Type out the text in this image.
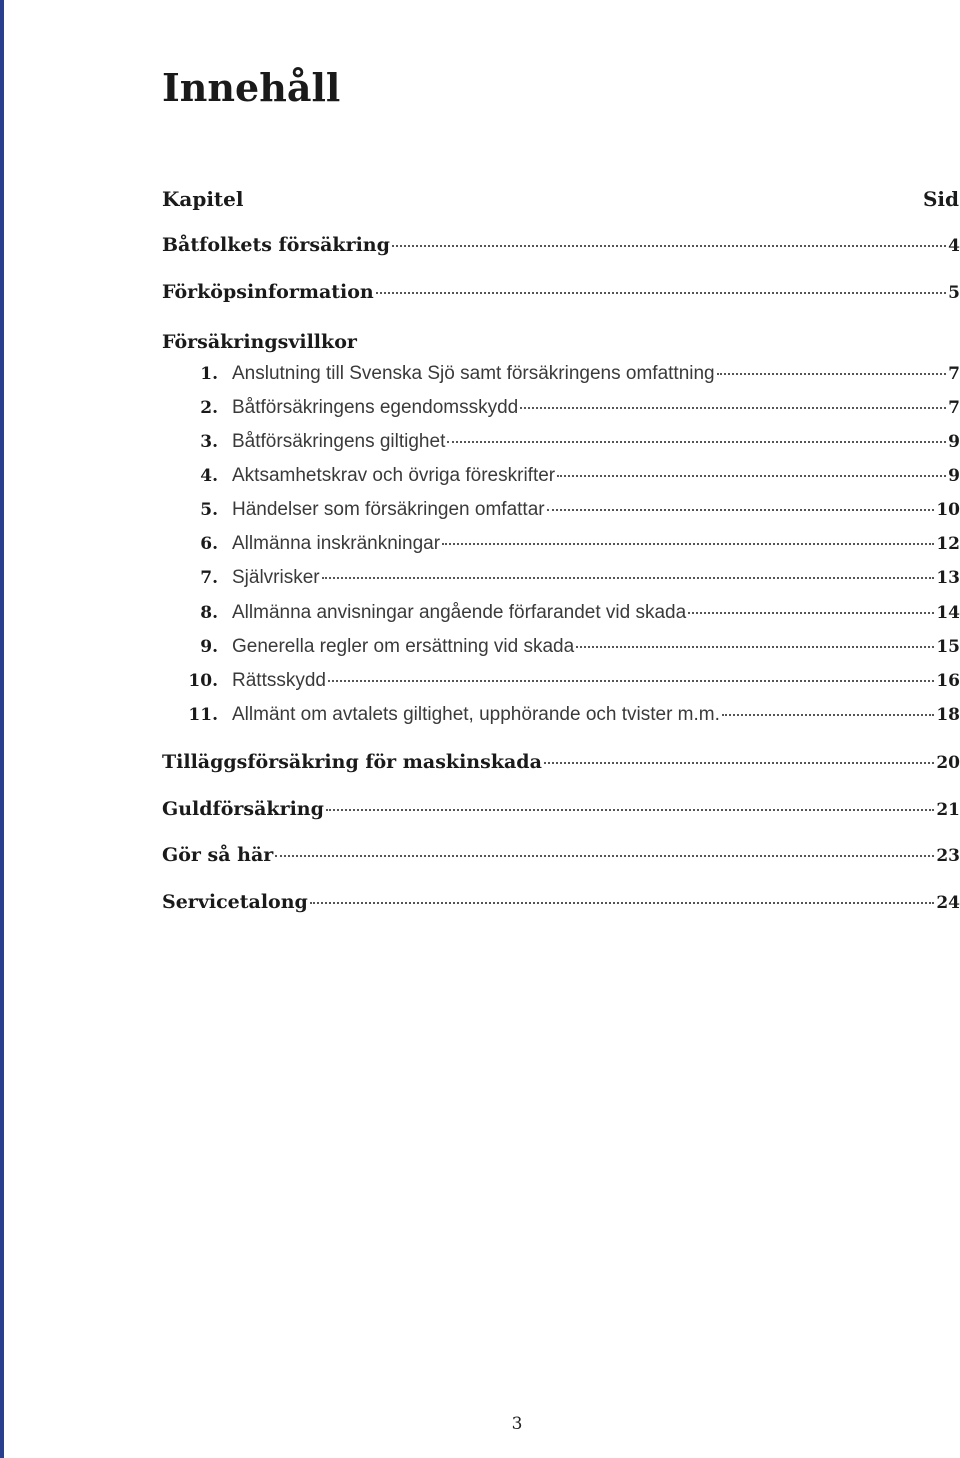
Innehåll
Kapitel	Sid
Båtfolkets försäkring	4
Förköpsinformation	5
Försäkringsvillkor
1. Anslutning till Svenska Sjö samt försäkringens omfattning	7
2. Båtförsäkringens egendomsskydd	7
3. Båtförsäkringens giltighet	9
4. Aktsamhetskrav och övriga föreskrifter	9
5. Händelser som försäkringen omfattar	10
6. Allmänna inskränkningar	12
7. Självrisker	13
8. Allmänna anvisningar angående förfarandet vid skada	14
9. Generella regler om ersättning vid skada	15
10. Rättsskydd	16
11. Allmänt om avtalets giltighet, upphörande och tvister m.m.	18
Tilläggsförsäkring för maskinskada	20
Guldförsäkring	21
Gör så här	23
Servicetalong	24
3
